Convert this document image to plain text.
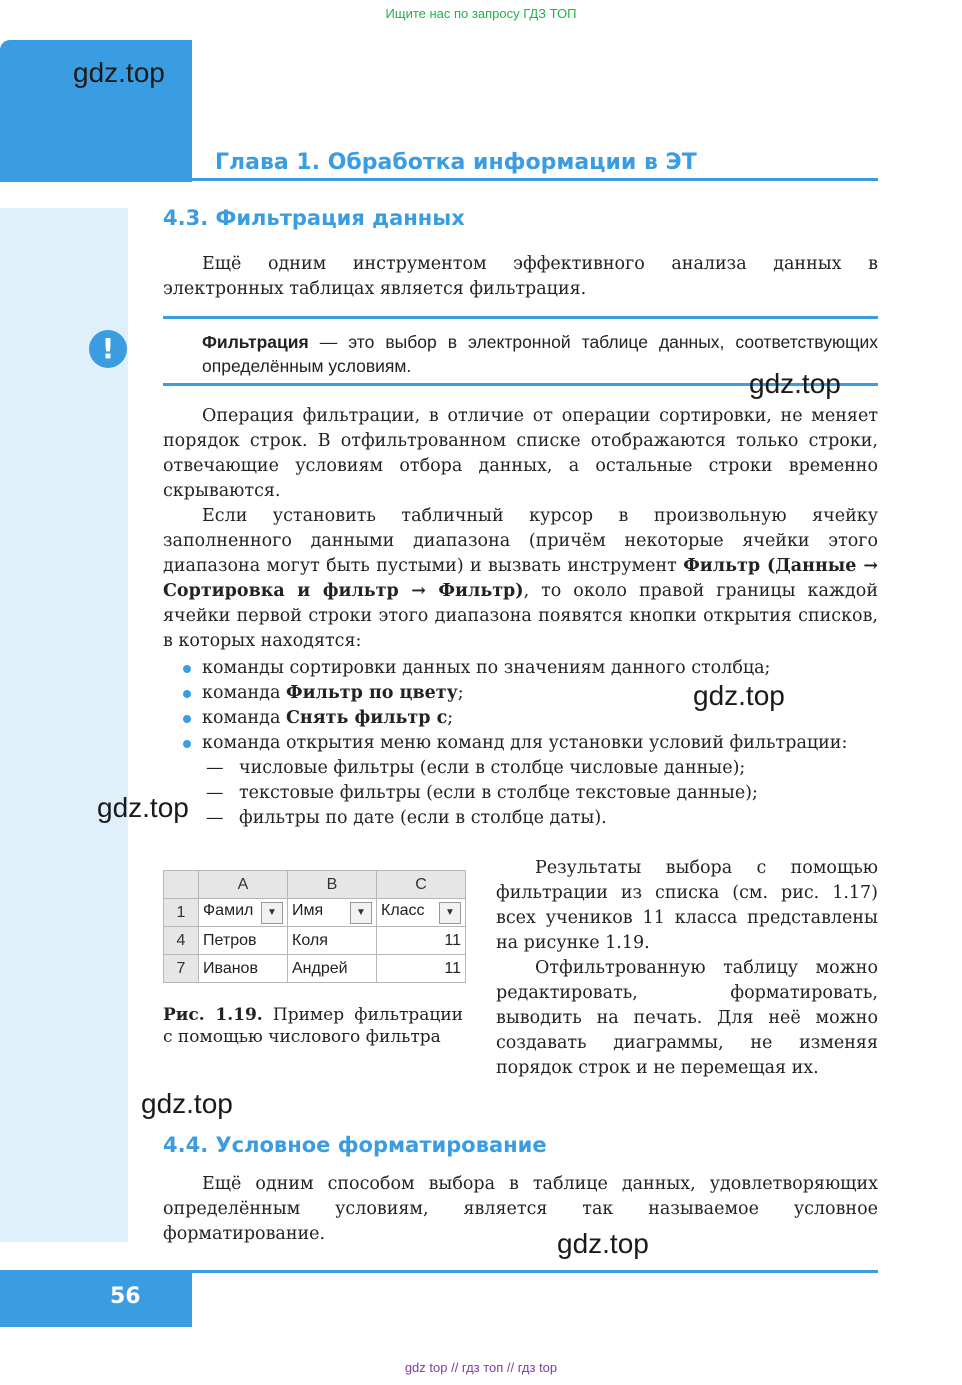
Ищите нас по запросу ГДЗ ТОП
gdz.top
Глава 1. Обработка информации в ЭТ
4.3. Фильтрация данных
Ещё одним инструментом эффективного анализа данных в электронных таблицах является фильтрация.
!	Фильтрация — это выбор в электронной таблице данных, соответствующих определённым условиям.
gdz.top
Операция фильтрации, в отличие от операции сортировки, не меняет порядок строк. В отфильтрованном списке отображаются только строки, отвечающие условиям отбора данных, а остальные строки временно скрываются.
Если установить табличный курсор в произвольную ячейку заполненного данными диапазона (причём некоторые ячейки этого диапазона могут быть пустыми) и вызвать инструмент Фильтр (Данные → Сортировка и фильтр → Фильтр), то около правой границы каждой ячейки первой строки этого диапазона появятся кнопки открытия списков, в которых находятся:
команды сортировки данных по значениям данного столбца;
команда Фильтр по цвету;
команда Снять фильтр с;
команда открытия меню команд для установки условий фильтрации:
— числовые фильтры (если в столбце числовые данные);
— текстовые фильтры (если в столбце текстовые данные);
— фильтры по дате (если в столбце даты).
gdz.top
gdz.top
	A	B	C
1	Фамил ▼	Имя ▼	Класс ▼

4	Петров	Коля	11
7	Иванов	Андрей	11
Рис. 1.19. Пример фильтрации с помощью числового фильтра
Результаты выбора с помощью фильтрации из списка (см. рис. 1.17) всех учеников 11 класса представлены на рисунке 1.19.
Отфильтрованную таблицу можно редактировать, форматировать, выводить на печать. Для неё можно создавать диаграммы, не изменяя порядок строк и не перемещая их.
gdz.top
4.4. Условное форматирование
Ещё одним способом выбора в таблице данных, удовлетворяющих определённым условиям, является так называемое условное форматирование.	gdz.top
56
gdz top // гдз топ // гдз top
